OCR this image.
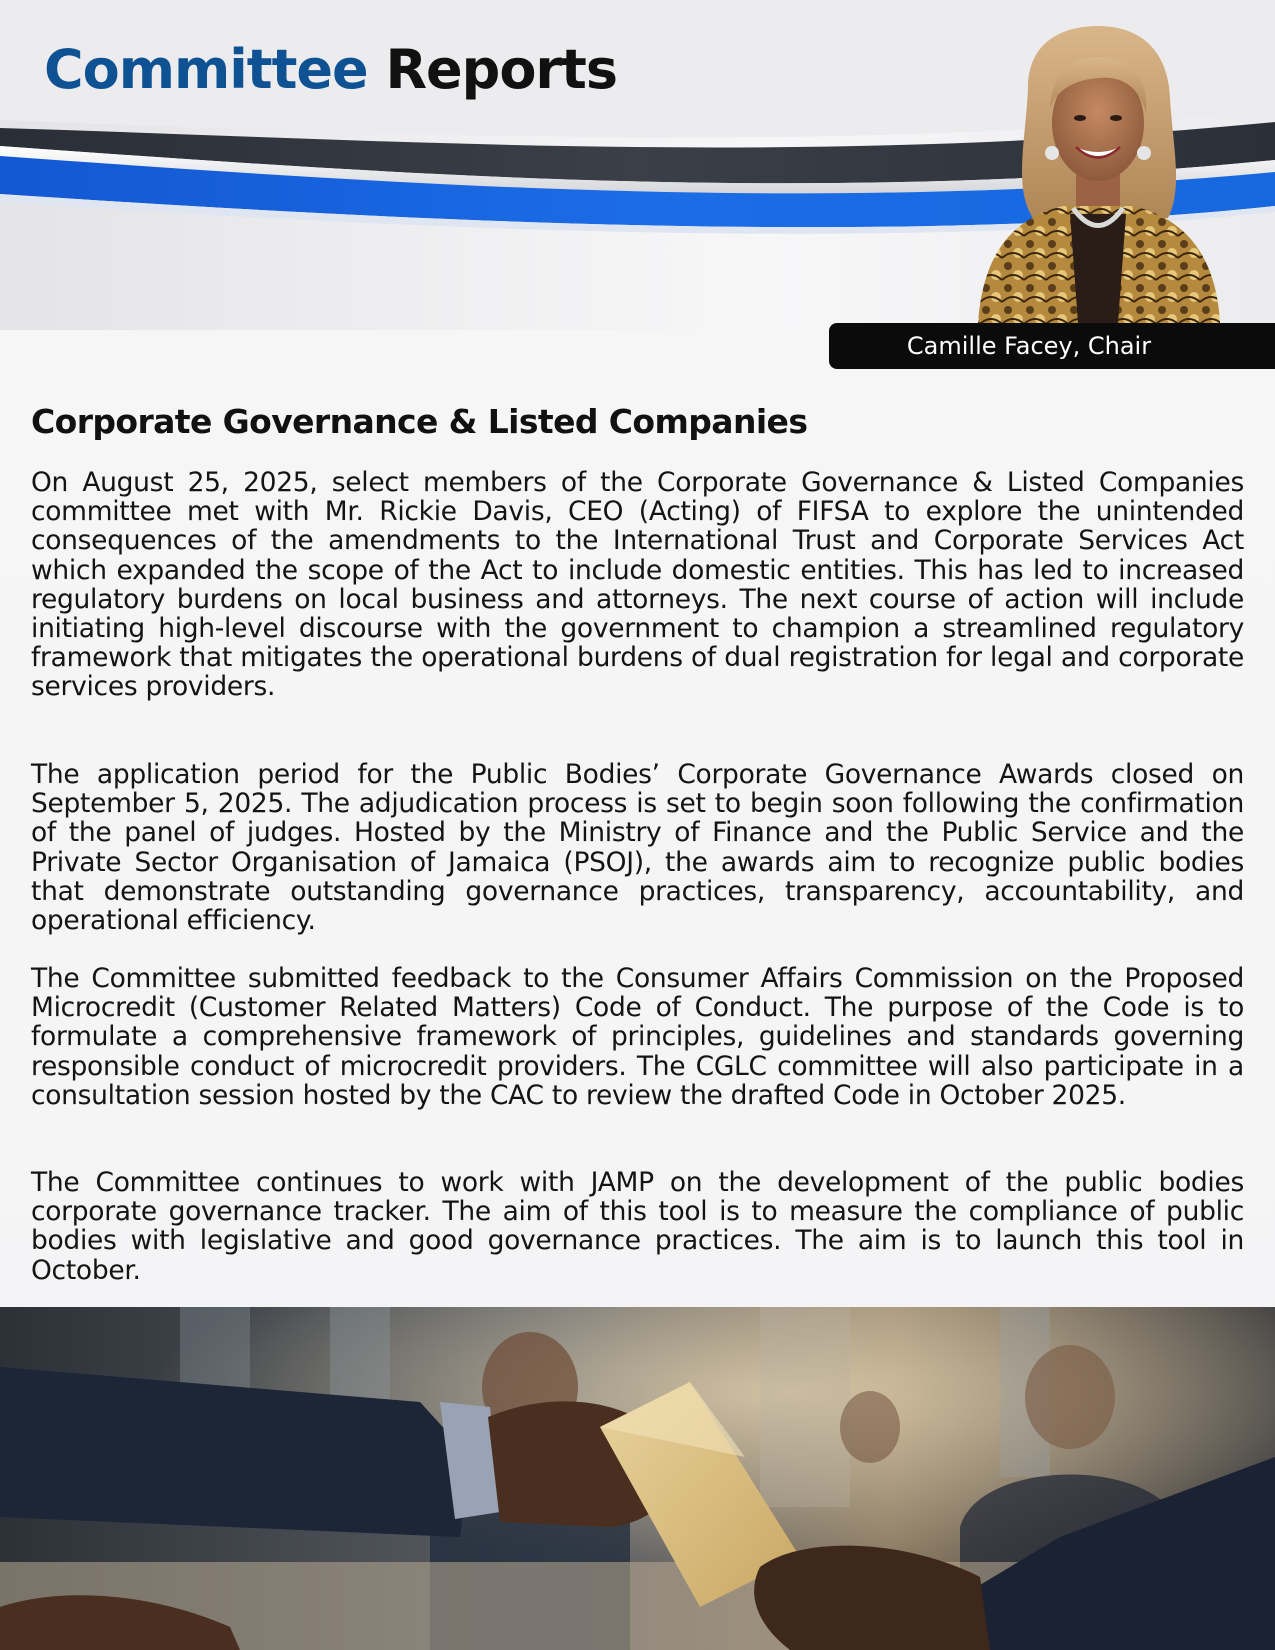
Committee Reports
Camille Facey, Chair
Corporate Governance & Listed Companies

On August 25, 2025, select members of the Corporate Governance & Listed Companies committee met with Mr. Rickie Davis, CEO (Acting) of FIFSA to explore the unintended consequences of the amendments to the International Trust and Corporate Services Act which expanded the scope of the Act to include domestic entities. This has led to increased regulatory burdens on local business and attorneys. The next course of action will include initiating high-level discourse with the government to champion a streamlined regulatory framework that mitigates the operational burdens of dual registration for legal and corporate services providers.

The application period for the Public Bodies’ Corporate Governance Awards closed on September 5, 2025. The adjudication process is set to begin soon following the confirmation of the panel of judges. Hosted by the Ministry of Finance and the Public Service and the Private Sector Organisation of Jamaica (PSOJ), the awards aim to recognize public bodies that demonstrate outstanding governance practices, transparency, accountability, and operational efficiency.

The Committee submitted feedback to the Consumer Affairs Commission on the Proposed Microcredit (Customer Related Matters) Code of Conduct. The purpose of the Code is to formulate a comprehensive framework of principles, guidelines and standards governing responsible conduct of microcredit providers. The CGLC committee will also participate in a consultation session hosted by the CAC to review the drafted Code in October 2025.

The Committee continues to work with JAMP on the development of the public bodies corporate governance tracker. The aim of this tool is to measure the compliance of public bodies with legislative and good governance practices. The aim is to launch this tool in October.
